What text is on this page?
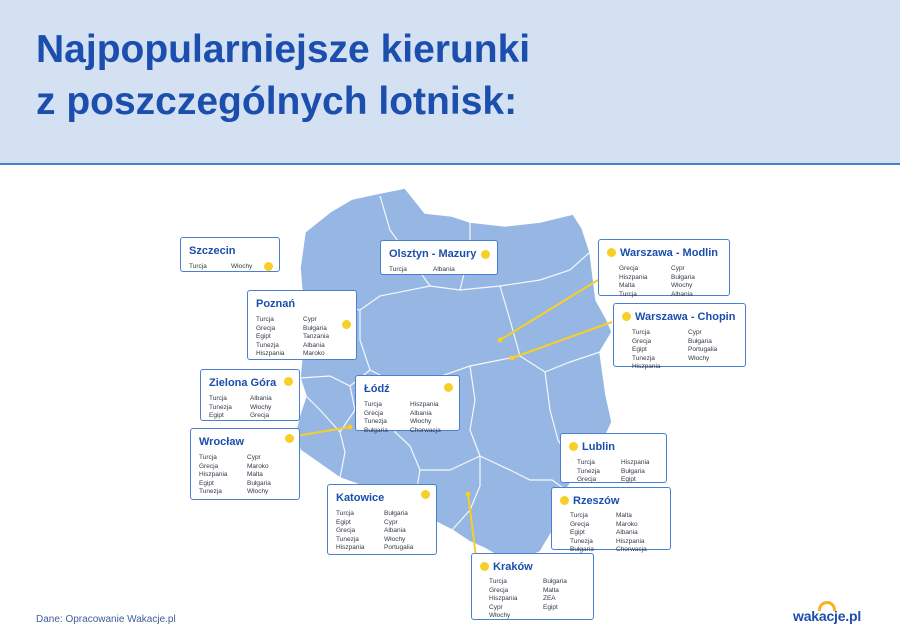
Najpopularniejsze kierunki
z poszczególnych lotnisk:
Szczecin
Turcja	Włochy
Olsztyn - Mazury
Turcja	Albania
Warszawa - Modlin
Grecja
Hiszpania
Malta
Turcja
Cypr
Bułgaria
Włochy
Albania
Poznań
Turcja
Grecja
Egipt
Tunezja
Hiszpania
Cypr
Bułgaria
Tanzania
Albania
Maroko
Warszawa - Chopin
Turcja
Grecja
Egipt
Tunezja
Hiszpania
Cypr
Bułgaria
Portugalia
Włochy
Zielona Góra
Turcja
Tunezja
Egipt
Albania
Włochy
Grecja
Łódź
Turcja
Grecja
Tunezja
Bułgaria
Hiszpania
Albania
Włochy
Chorwacja
Wrocław
Turcja
Grecja
Hiszpania
Egipt
Tunezja
Cypr
Maroko
Malta
Bułgaria
Włochy
Lublin
Turcja
Tunezja
Grecja
Hiszpania
Bułgaria
Egipt
Katowice
Turcja
Egipt
Grecja
Tunezja
Hiszpania
Bułgaria
Cypr
Albania
Włochy
Portugalia
Rzeszów
Turcja
Grecja
Egipt
Tunezja
Bułgaria
Malta
Maroko
Albania
Hiszpania
Chorwacja
Kraków
Turcja
Grecja
Hiszpania
Cypr
Włochy
Bułgaria
Malta
ZEA
Egipt
Dane: Opracowanie Wakacje.pl	wakacje.pl
